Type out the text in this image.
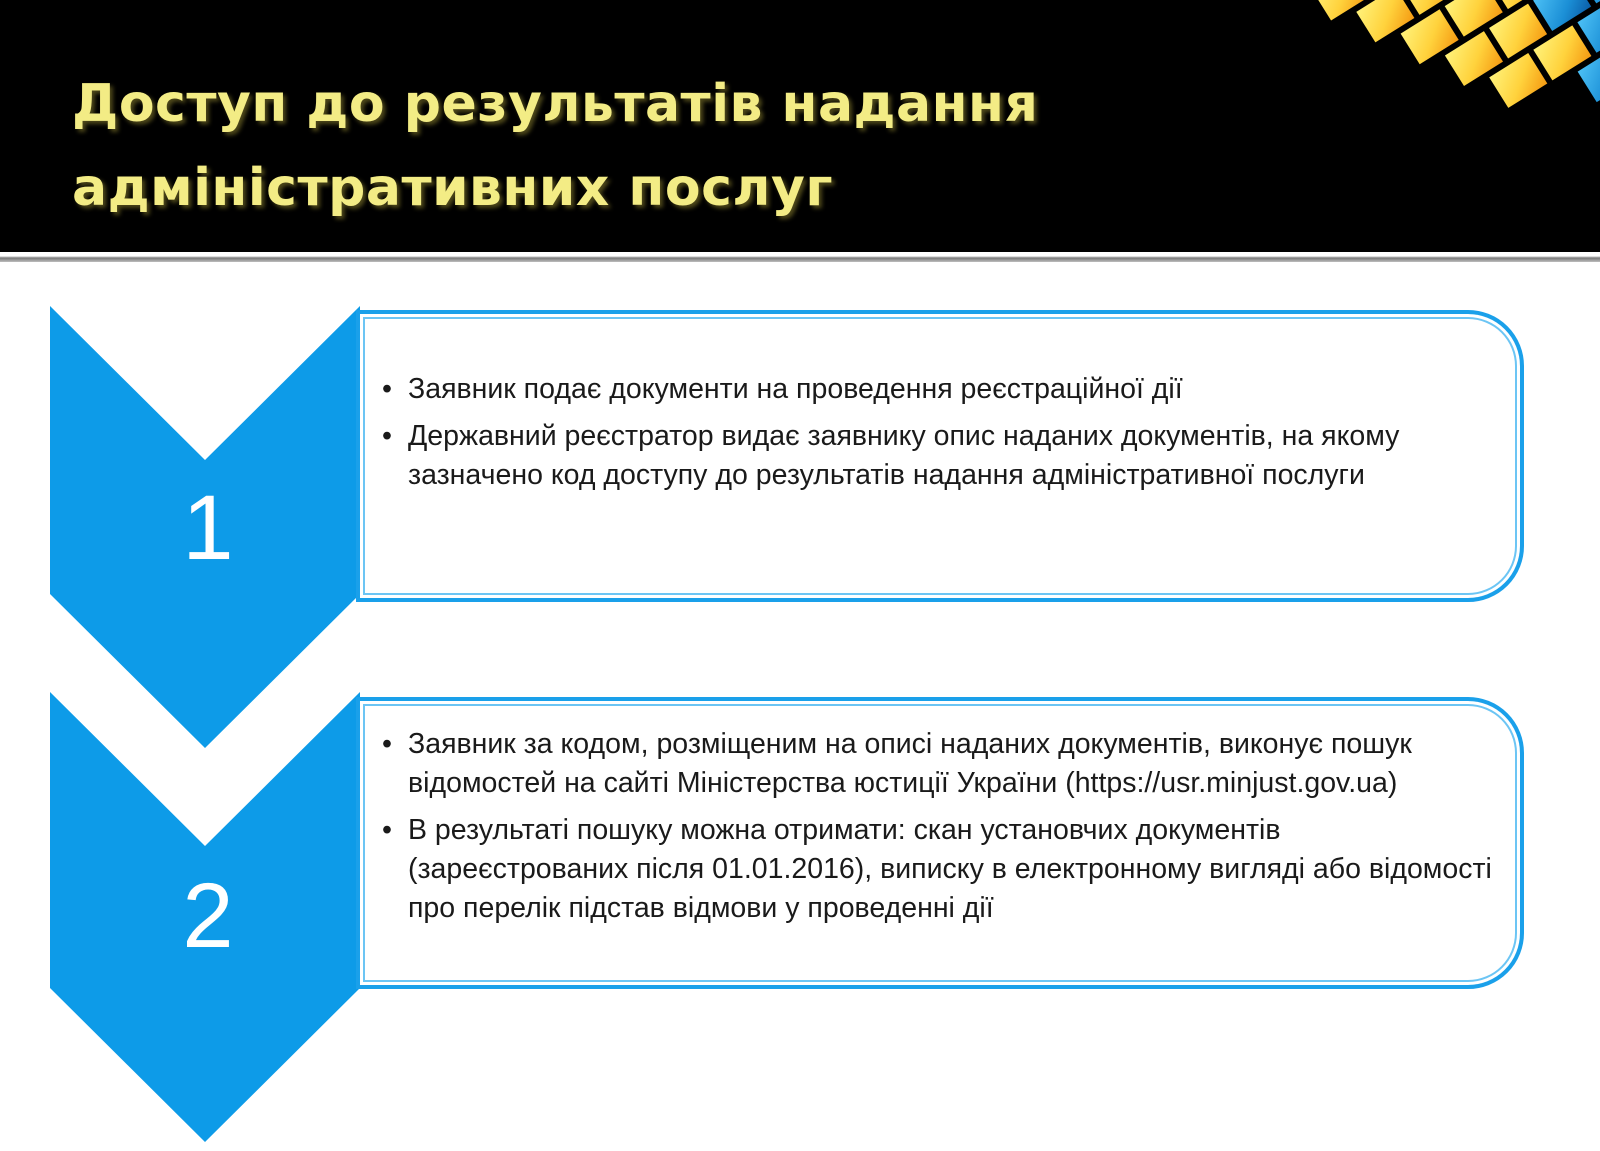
Доступ до результатів надання
адміністративних послуг
1
• Заявник подає документи на проведення реєстраційної дії
• Державний реєстратор видає заявнику опис наданих документів, на якому зазначено код доступу до результатів надання адміністративної послуги
2
• Заявник за кодом, розміщеним на описі наданих документів, виконує пошук відомостей на сайті Міністерства юстиції України (https://usr.minjust.gov.ua)
• В результаті пошуку можна отримати: скан установчих документів (зареєстрованих після 01.01.2016), виписку в електронному вигляді або відомості про перелік підстав відмови у проведенні дії
